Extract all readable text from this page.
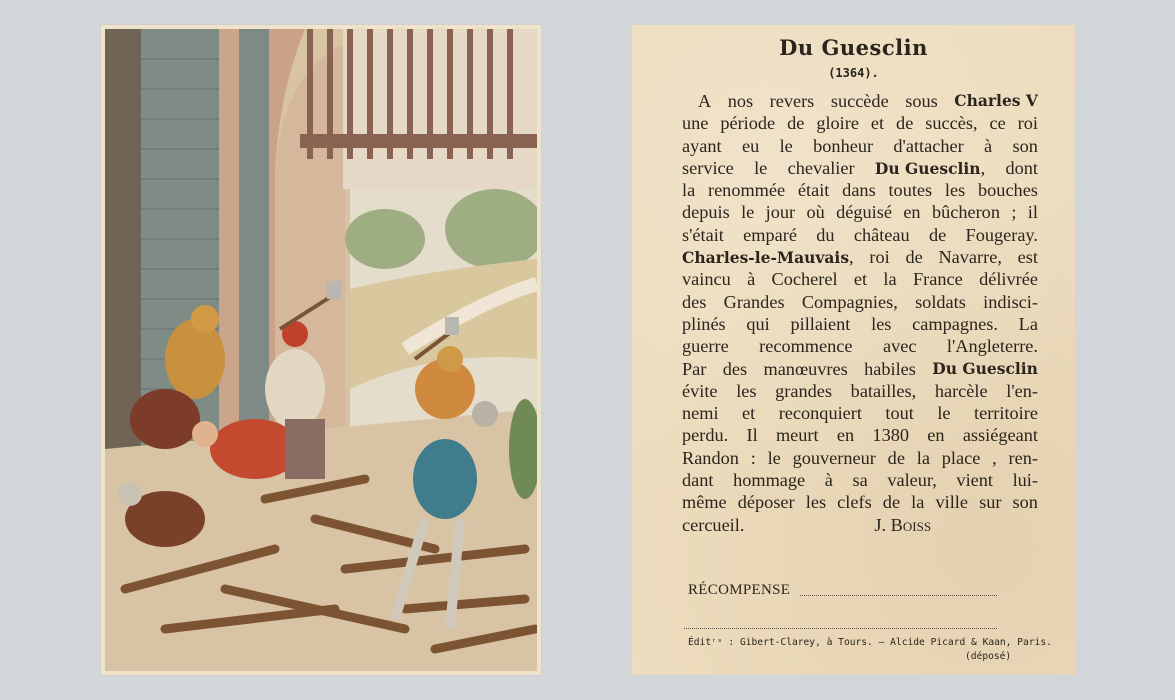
Du Guesclin
(1364).
A nos revers succède sous Charles V
une période de gloire et de succès, ce roi
ayant eu le bonheur d'attacher à son
service le chevalier Du Guesclin, dont
la renommée était dans toutes les bouches
depuis le jour où déguisé en bûcheron ; il
s'était emparé du château de Fougeray.
Charles-le-Mauvais, roi de Navarre, est
vaincu à Cocherel et la France délivrée
des Grandes Compagnies, soldats indisci-
plinés qui pillaient les campagnes. La
guerre recommence avec l'Angleterre.
Par des manœuvres habiles Du Guesclin
évite les grandes batailles, harcèle l'en-
nemi et reconquiert tout le territoire
perdu. Il meurt en 1380 en assiégeant
Randon : le gouverneur de la place , ren-
dant hommage à sa valeur, vient lui-
même déposer les clefs de la ville sur son
cercueil.	J. Boiss
RÉCOMPENSE
Éditʳˢ : Gibert-Clarey, à Tours. — Alcide Picard & Kaan, Paris.
(déposé)
